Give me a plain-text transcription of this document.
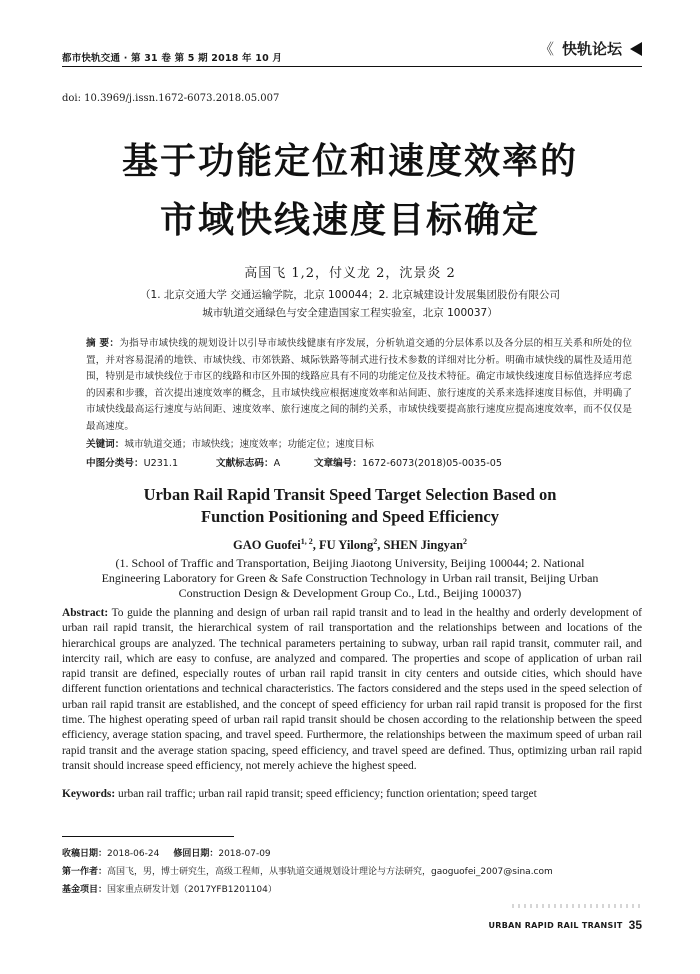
都市快轨交通 · 第 31 卷 第 5 期 2018 年 10 月
《 快轨论坛
doi: 10.3969/j.issn.1672-6073.2018.05.007
基于功能定位和速度效率的
市域快线速度目标确定
高国飞 1,2，付义龙 2，沈景炎 2
（1. 北京交通大学 交通运输学院，北京 100044；2. 北京城建设计发展集团股份有限公司
城市轨道交通绿色与安全建造国家工程实验室，北京 100037）
摘 要：为指导市域快线的规划设计以引导市域快线健康有序发展，分析轨道交通的分层体系以及各分层的相互关系和所处的位置，并对容易混淆的地铁、市域快线、市郊铁路、城际铁路等制式进行技术参数的详细对比分析。明确市域快线的属性及适用范围，特别是市域快线位于市区的线路和市区外围的线路应具有不同的功能定位及技术特征。确定市域快线速度目标值选择应考虑的因素和步骤，首次提出速度效率的概念，且市域快线应根据速度效率和站间距、旅行速度的关系来选择速度目标值，并明确了市域快线最高运行速度与站间距、速度效率、旅行速度之间的制约关系，市域快线要提高旅行速度应提高速度效率，而不仅仅是最高速度。
关键词：城市轨道交通；市域快线；速度效率；功能定位；速度目标
中图分类号：U231.1	文献标志码：A	文章编号：1672-6073(2018)05-0035-05
Urban Rail Rapid Transit Speed Target Selection Based on
Function Positioning and Speed Efficiency
GAO Guofei$^{1, 2}$, FU Yilong$^2$, SHEN Jingyan$^2$
(1. School of Traffic and Transportation, Beijing Jiaotong University, Beijing 100044; 2. National Engineering Laboratory for Green & Safe Construction Technology in Urban rail transit, Beijing Urban Construction Design & Development Group Co., Ltd., Beijing 100037)
Abstract: To guide the planning and design of urban rail rapid transit and to lead in the healthy and orderly development of urban rail rapid transit, the hierarchical system of rail transportation and the relationships between and locations of the hierarchical groups are analyzed. The technical parameters pertaining to subway, urban rail rapid transit, commuter rail, and intercity rail, which are easy to confuse, are analyzed and compared. The properties and scope of application of urban rail rapid transit are defined, especially routes of urban rail rapid transit in city centers and outside cities, which should have different function orientations and technical characteristics. The factors considered and the steps used in the speed selection of urban rail rapid transit are established, and the concept of speed efficiency for urban rail rapid transit is proposed for the first time. The highest operating speed of urban rail rapid transit should be chosen according to the relationship between the speed efficiency, average station spacing, and travel speed. Furthermore, the relationships between the maximum speed of urban rail rapid transit and the average station spacing, speed efficiency, and travel speed are defined. Thus, optimizing urban rail rapid transit should increase speed efficiency, not merely achieve the highest speed.
Keywords: urban rail traffic; urban rail rapid transit; speed efficiency; function orientation; speed target
收稿日期：2018-06-24 修回日期：2018-07-09
第一作者：高国飞，男，博士研究生，高级工程师，从事轨道交通规划设计理论与方法研究，gaoguofei_2007@sina.com
基金项目：国家重点研发计划（2017YFB1201104）
URBAN RAPID RAIL TRANSIT 35
